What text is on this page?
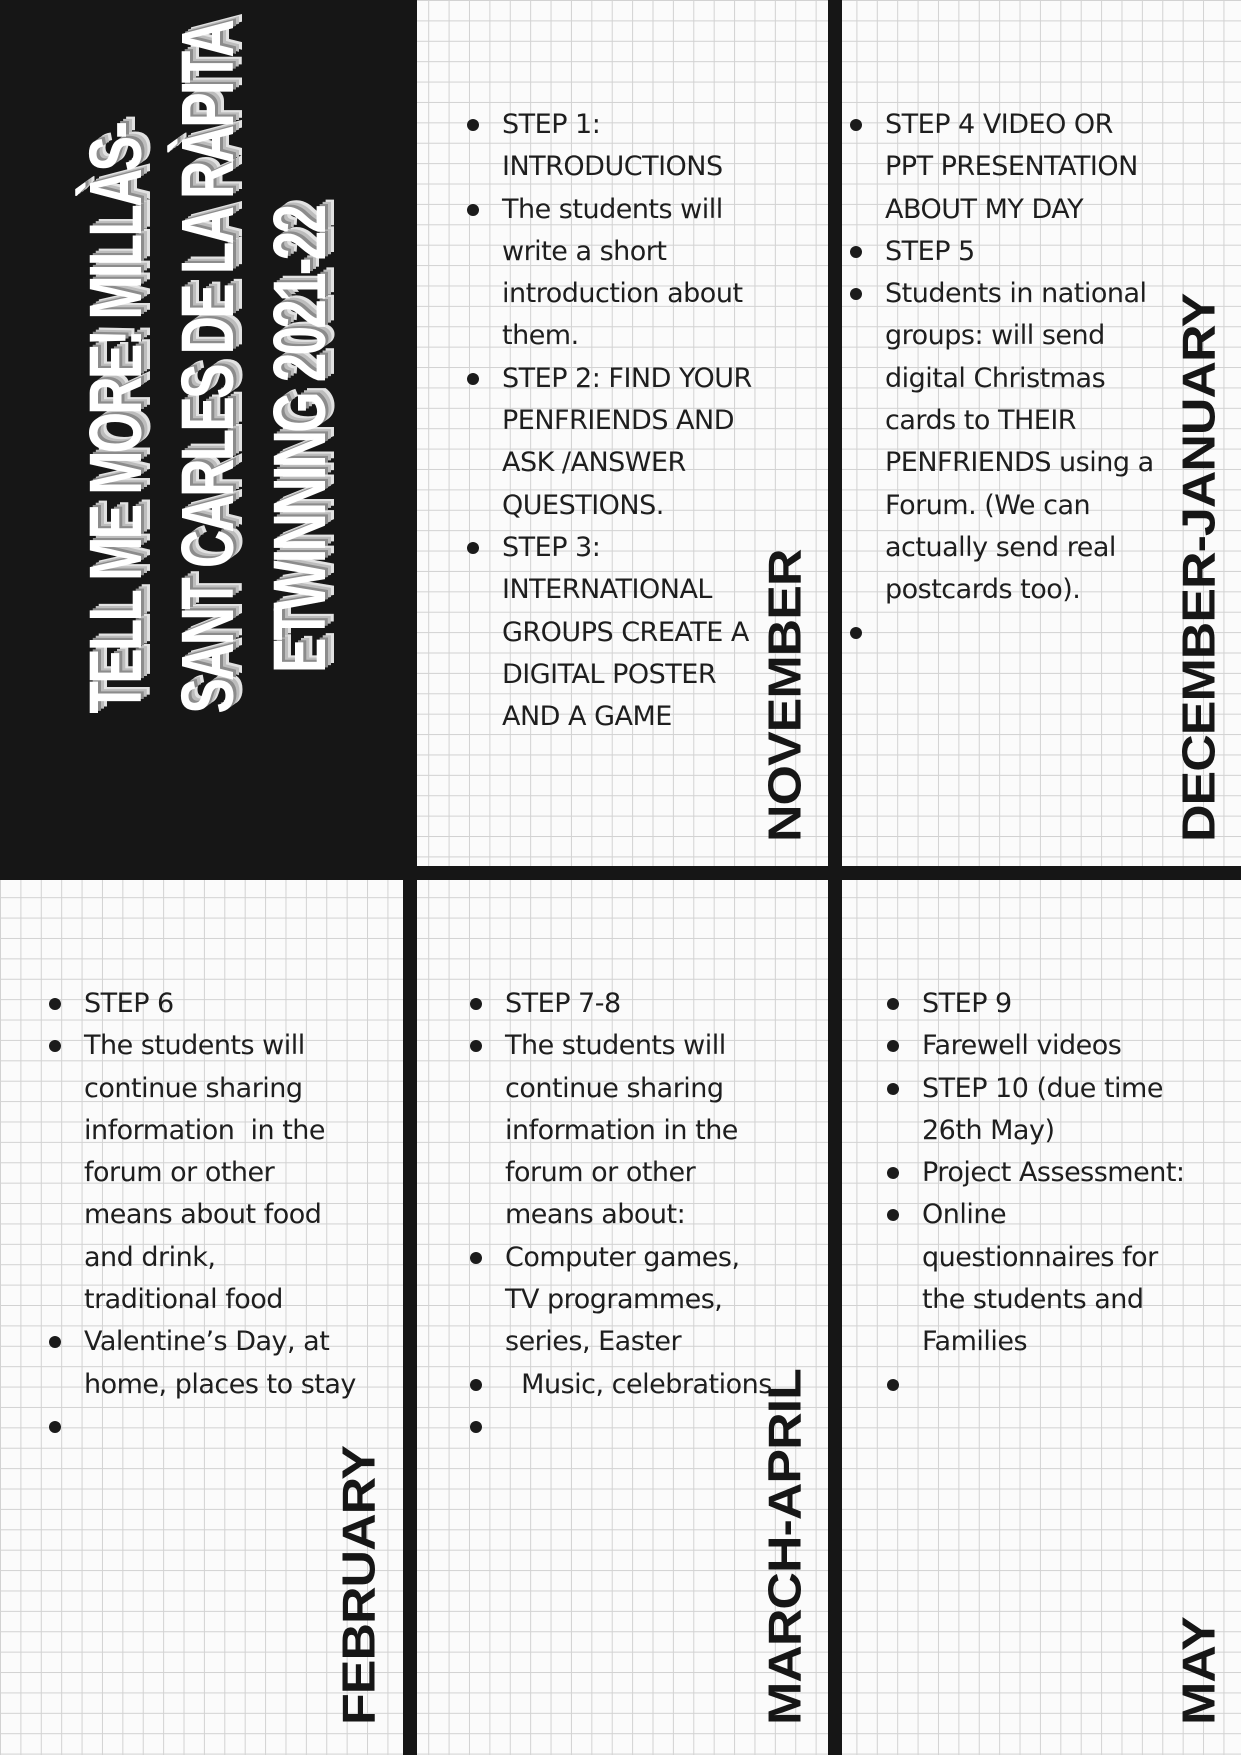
TELL ME MORE! MILLÀS- SANT CARLES DE LA RÀPITA ETWINNING 2021-22
STEP 1:
INTRODUCTIONS
The students will
write a short
introduction about
them.
STEP 2: FIND YOUR
PENFRIENDS AND
ASK /ANSWER
QUESTIONS.
STEP 3:
INTERNATIONAL
GROUPS CREATE A
DIGITAL POSTER
AND A GAME
STEP 4 VIDEO OR
PPT PRESENTATION
ABOUT MY DAY
STEP 5
Students in national
groups: will send
digital Christmas
cards to THEIR
PENFRIENDS using a
Forum. (We can
actually send real
postcards too).
STEP 6
The students will
continue sharing
information  in the
forum or other
means about food
and drink,
traditional food
Valentine’s Day, at
home, places to stay
STEP 7-8
The students will
continue sharing
information in the
forum or other
means about:
Computer games,
TV programmes,
series, Easter
Music, celebrations
STEP 9
Farewell videos
STEP 10 (due time
26th May)
Project Assessment:
Online
questionnaires for
the students and
Families
NOVEMBER	DECEMBER-JANUARY
FEBRUARY	MARCH-APRIL	MAY
